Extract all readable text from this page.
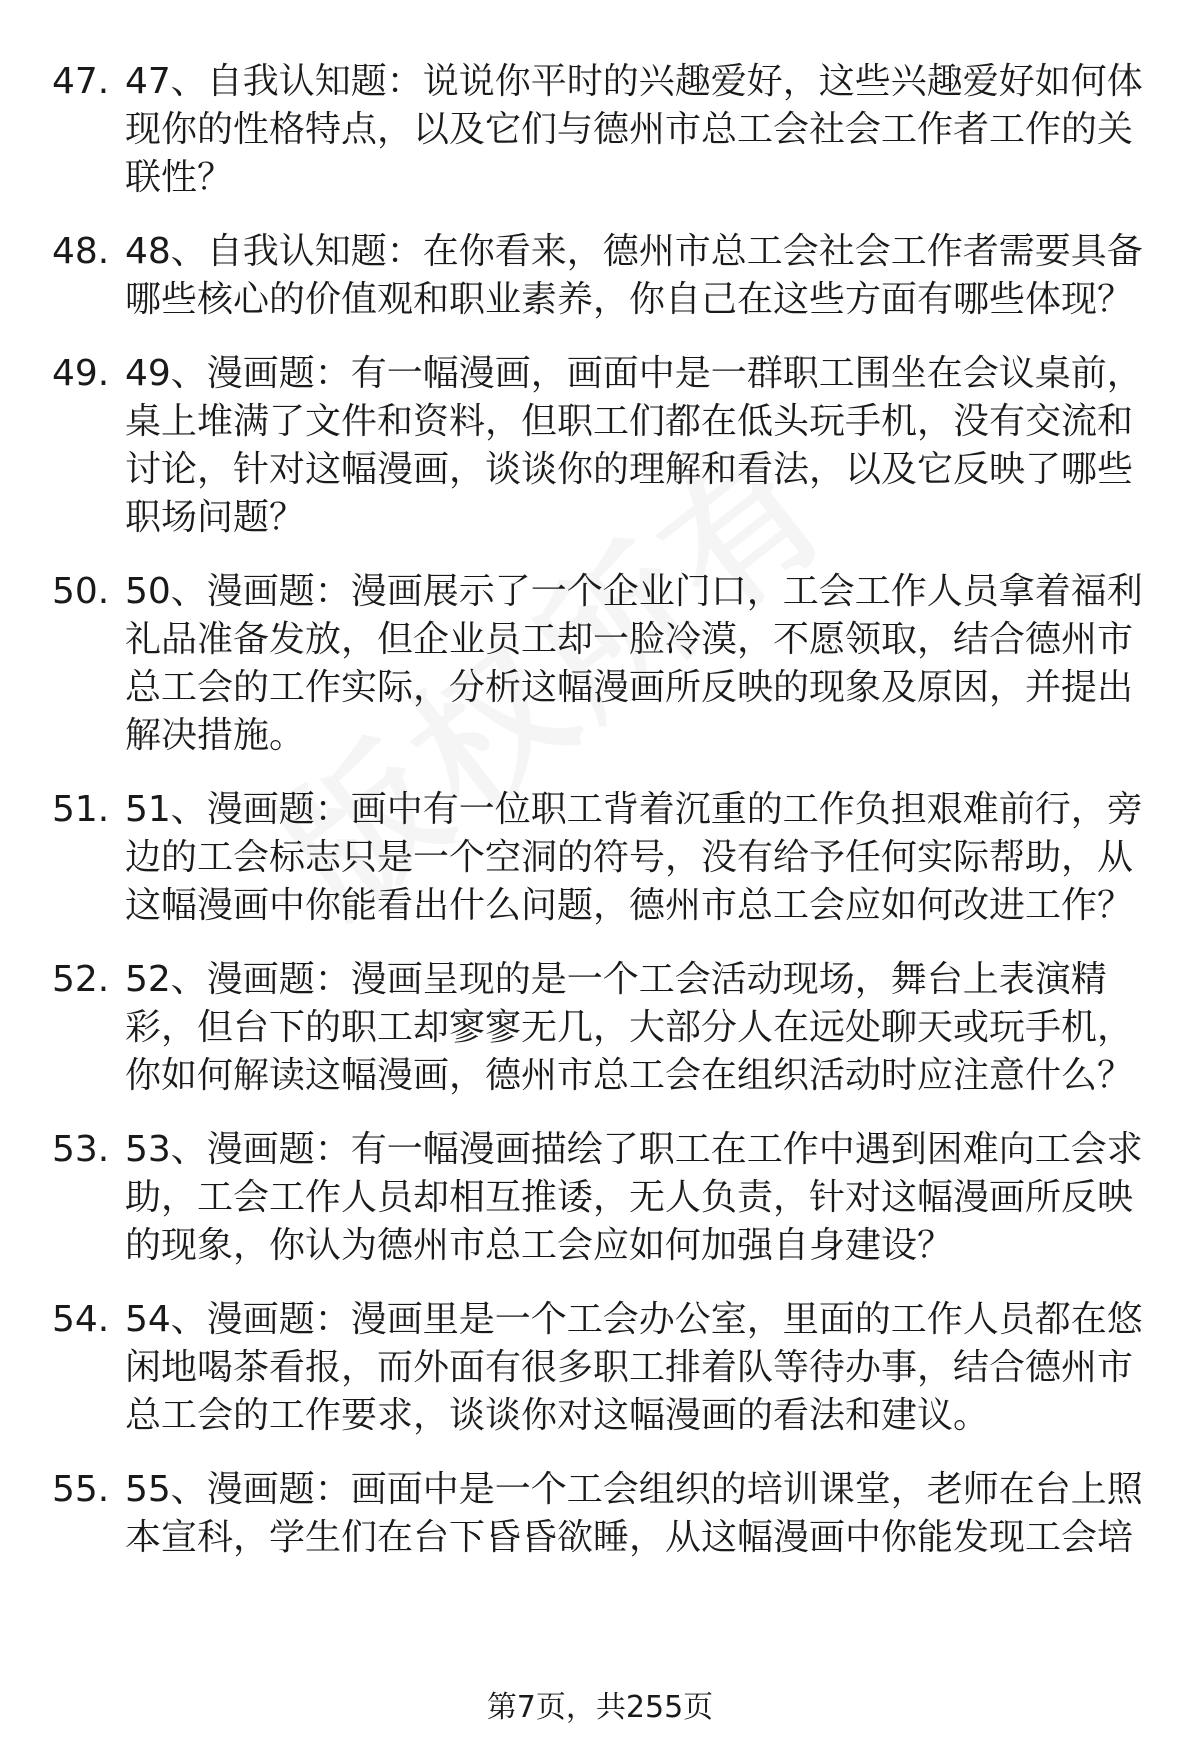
47. 47、自我认知题：说说你平时的兴趣爱好，这些兴趣爱好如何体现你的性格特点，以及它们与德州市总工会社会工作者工作的关联性？
48. 48、自我认知题：在你看来，德州市总工会社会工作者需要具备哪些核心的价值观和职业素养，你自己在这些方面有哪些体现？
49. 49、漫画题：有一幅漫画，画面中是一群职工围坐在会议桌前，桌上堆满了文件和资料，但职工们都在低头玩手机，没有交流和讨论，针对这幅漫画，谈谈你的理解和看法，以及它反映了哪些职场问题？
50. 50、漫画题：漫画展示了一个企业门口，工会工作人员拿着福利礼品准备发放，但企业员工却一脸冷漠，不愿领取，结合德州市总工会的工作实际，分析这幅漫画所反映的现象及原因，并提出解决措施。
51. 51、漫画题：画中有一位职工背着沉重的工作负担艰难前行，旁边的工会标志只是一个空洞的符号，没有给予任何实际帮助，从这幅漫画中你能看出什么问题，德州市总工会应如何改进工作？
52. 52、漫画题：漫画呈现的是一个工会活动现场，舞台上表演精彩，但台下的职工却寥寥无几，大部分人在远处聊天或玩手机，你如何解读这幅漫画，德州市总工会在组织活动时应注意什么？
53. 53、漫画题：有一幅漫画描绘了职工在工作中遇到困难向工会求助，工会工作人员却相互推诿，无人负责，针对这幅漫画所反映的现象，你认为德州市总工会应如何加强自身建设？
54. 54、漫画题：漫画里是一个工会办公室，里面的工作人员都在悠闲地喝茶看报，而外面有很多职工排着队等待办事，结合德州市总工会的工作要求，谈谈你对这幅漫画的看法和建议。
55. 55、漫画题：画面中是一个工会组织的培训课堂，老师在台上照本宣科，学生们在台下昏昏欲睡，从这幅漫画中你能发现工会培
第7页，共255页
